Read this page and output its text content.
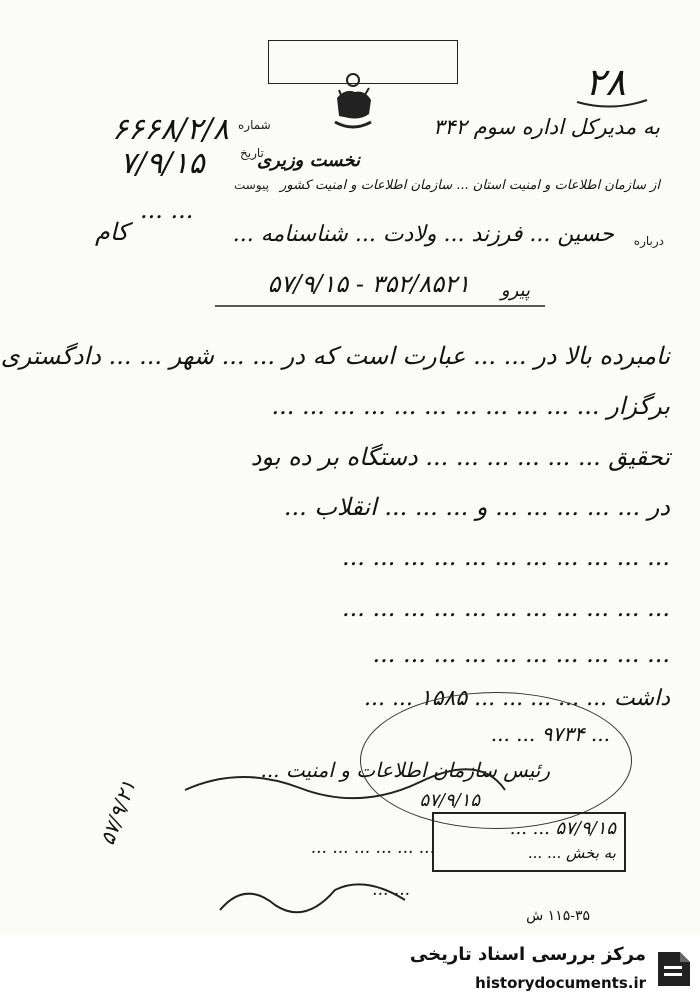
۲۸
شماره
تاریخ
پیوست
۶۶۶۸/۲/۸
۷/۹/۱۵
به مدیرکل اداره سوم ۳۴۲
نخست وزیری
از سازمان اطلاعات و امنیت استان ... سازمان اطلاعات و امنیت کشور
کام
... ...
درباره
حسین ... فرزند ... ولادت ... شناسنامه ...
پیرو
۳۵۲/۸۵۲۱ - ۵۷/۹/۱۵
نامبرده بالا در ... ... عبارت است که در ... ... شهر ... ... دادگستری
برگزار ... ... ... ... ... ... ... ... ... ... ...
تحقیق ... ... ... ... ... ... دستگاه بر ده بود
در ... ... ... ... ... و ... ... ... انقلاب ...
... ... ... ... ... ... ... ... ... ... ...
... ... ... ... ... ... ... ... ... ... ...
... ... ... ... ... ... ... ... ... ...
داشت ... ... ... ... ... ۱۵۸۵ ... ...
... ۹۷۳۴ ... ...
رئیس سازمان اطلاعات و امنیت ...
۵۷/۹/۱۵
۵۷/۹/۱۵ ... ...
به بخش ... ...
۵۷/۹/۲۱	... ... ... ... ... ...
... ...
۱۱۵-۳۵ ش
مرکز بررسی اسناد تاریخی
historydocuments.ir
